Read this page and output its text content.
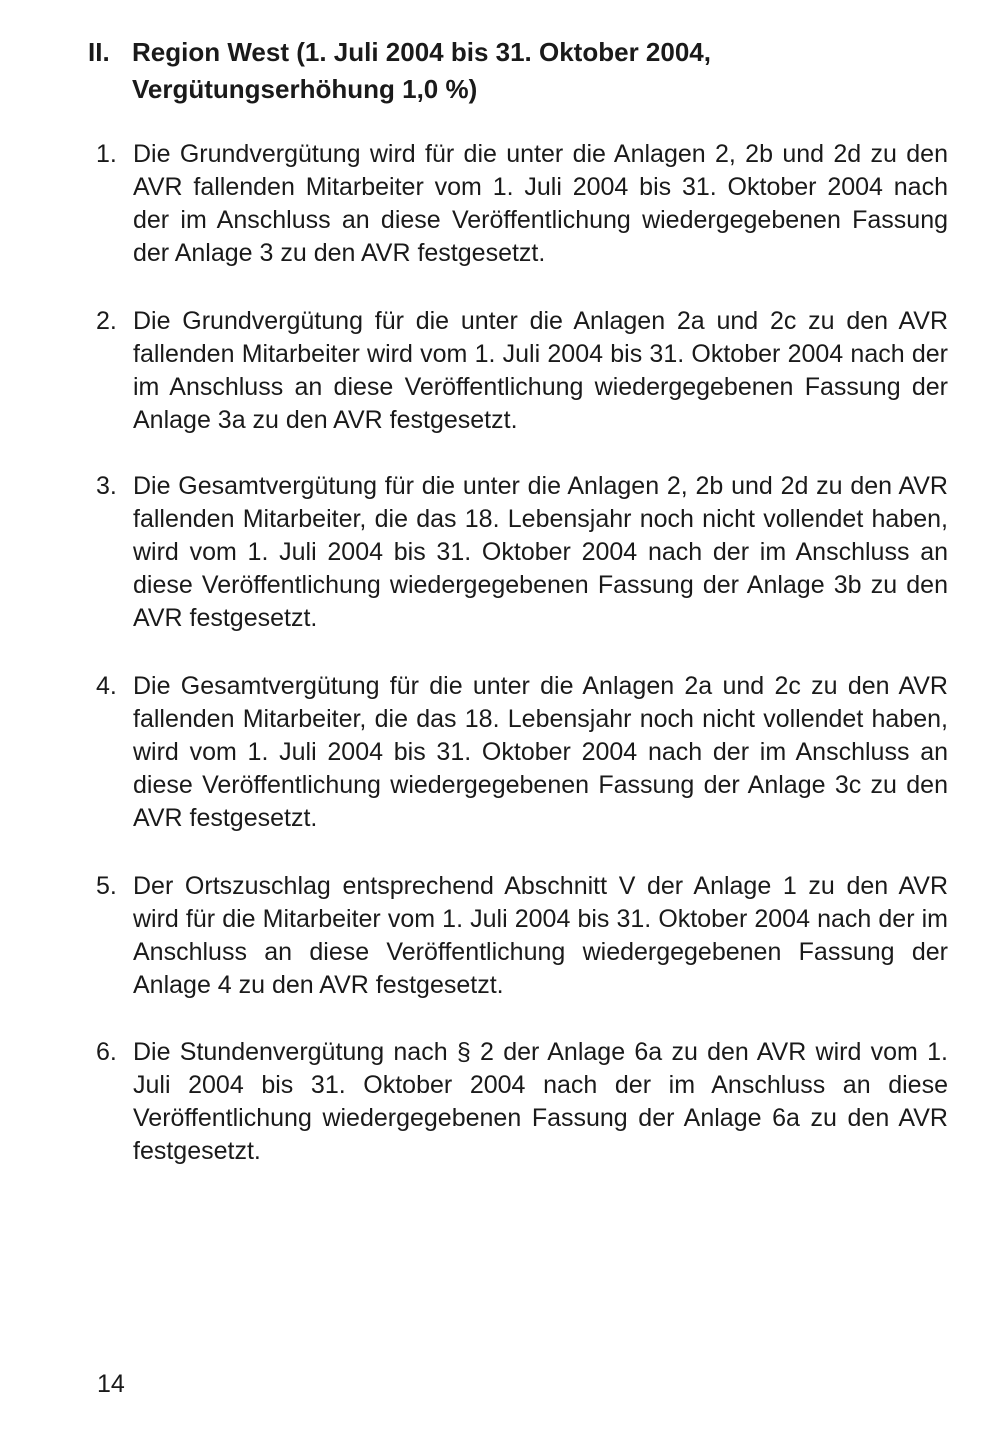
II. Region West (1. Juli 2004 bis 31. Oktober 2004, Vergütungserhöhung 1,0 %)
1. Die Grundvergütung wird für die unter die Anlagen 2, 2b und 2d zu den AVR fallenden Mitarbeiter vom 1. Juli 2004 bis 31. Oktober 2004 nach der im Anschluss an diese Veröffentlichung wiedergegebenen Fassung der Anlage 3 zu den AVR festgesetzt.
2. Die Grundvergütung für die unter die Anlagen 2a und 2c zu den AVR fallenden Mitarbeiter wird vom 1. Juli 2004 bis 31. Oktober 2004 nach der im Anschluss an diese Veröffentlichung wiedergegebenen Fassung der Anlage 3a zu den AVR festgesetzt.
3. Die Gesamtvergütung für die unter die Anlagen 2, 2b und 2d zu den AVR fallenden Mitarbeiter, die das 18. Lebensjahr noch nicht vollendet haben, wird vom 1. Juli 2004 bis 31. Oktober 2004 nach der im Anschluss an diese Veröffentlichung wiedergegebenen Fassung der Anlage 3b zu den AVR festgesetzt.
4. Die Gesamtvergütung für die unter die Anlagen 2a und 2c zu den AVR fallenden Mitarbeiter, die das 18. Lebensjahr noch nicht vollendet haben, wird vom 1. Juli 2004 bis 31. Oktober 2004 nach der im Anschluss an diese Veröffentlichung wiedergegebenen Fassung der Anlage 3c zu den AVR festgesetzt.
5. Der Ortszuschlag entsprechend Abschnitt V der Anlage 1 zu den AVR wird für die Mitarbeiter vom 1. Juli 2004 bis 31. Oktober 2004 nach der im Anschluss an diese Veröffentlichung wiedergegebenen Fassung der Anlage 4 zu den AVR festgesetzt.
6. Die Stundenvergütung nach § 2 der Anlage 6a zu den AVR wird vom 1. Juli 2004 bis 31. Oktober 2004 nach der im Anschluss an diese Veröffentlichung wiedergegebenen Fassung der Anlage 6a zu den AVR festgesetzt.
14
